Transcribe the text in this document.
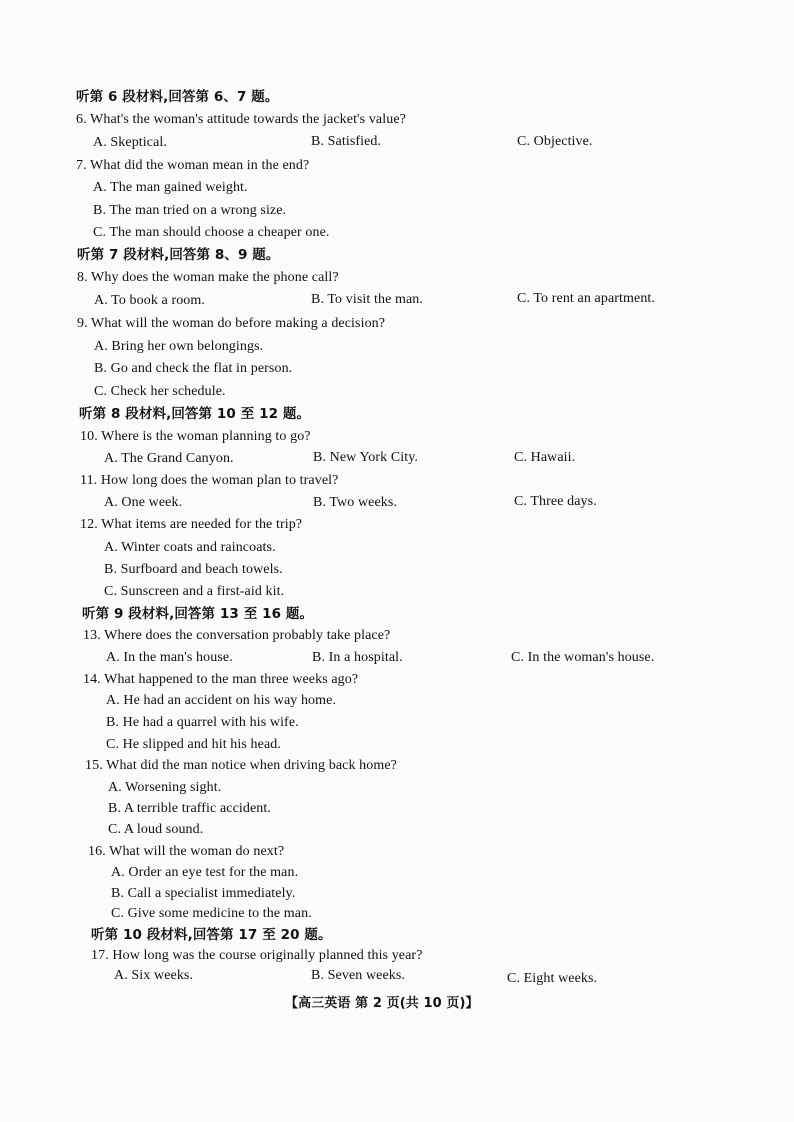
听第 6 段材料,回答第 6、7 题。
6. What's the woman's attitude towards the jacket's value?
A. Skeptical.	B. Satisfied.	C. Objective.
7. What did the woman mean in the end?
A. The man gained weight.
B. The man tried on a wrong size.
C. The man should choose a cheaper one.
听第 7 段材料,回答第 8、9 题。
8. Why does the woman make the phone call?
A. To book a room.	B. To visit the man.	C. To rent an apartment.
9. What will the woman do before making a decision?
A. Bring her own belongings.
B. Go and check the flat in person.
C. Check her schedule.
听第 8 段材料,回答第 10 至 12 题。
10. Where is the woman planning to go?
A. The Grand Canyon.	B. New York City.	C. Hawaii.
11. How long does the woman plan to travel?
A. One week.	B. Two weeks.	C. Three days.
12. What items are needed for the trip?
A. Winter coats and raincoats.
B. Surfboard and beach towels.
C. Sunscreen and a first-aid kit.
听第 9 段材料,回答第 13 至 16 题。
13. Where does the conversation probably take place?
A. In the man's house.	B. In a hospital.	C. In the woman's house.
14. What happened to the man three weeks ago?
A. He had an accident on his way home.
B. He had a quarrel with his wife.
C. He slipped and hit his head.
15. What did the man notice when driving back home?
A. Worsening sight.
B. A terrible traffic accident.
C. A loud sound.
16. What will the woman do next?
A. Order an eye test for the man.
B. Call a specialist immediately.
C. Give some medicine to the man.
听第 10 段材料,回答第 17 至 20 题。
17. How long was the course originally planned this year?
A. Six weeks.	B. Seven weeks.	C. Eight weeks.
【高三英语 第 2 页(共 10 页)】
